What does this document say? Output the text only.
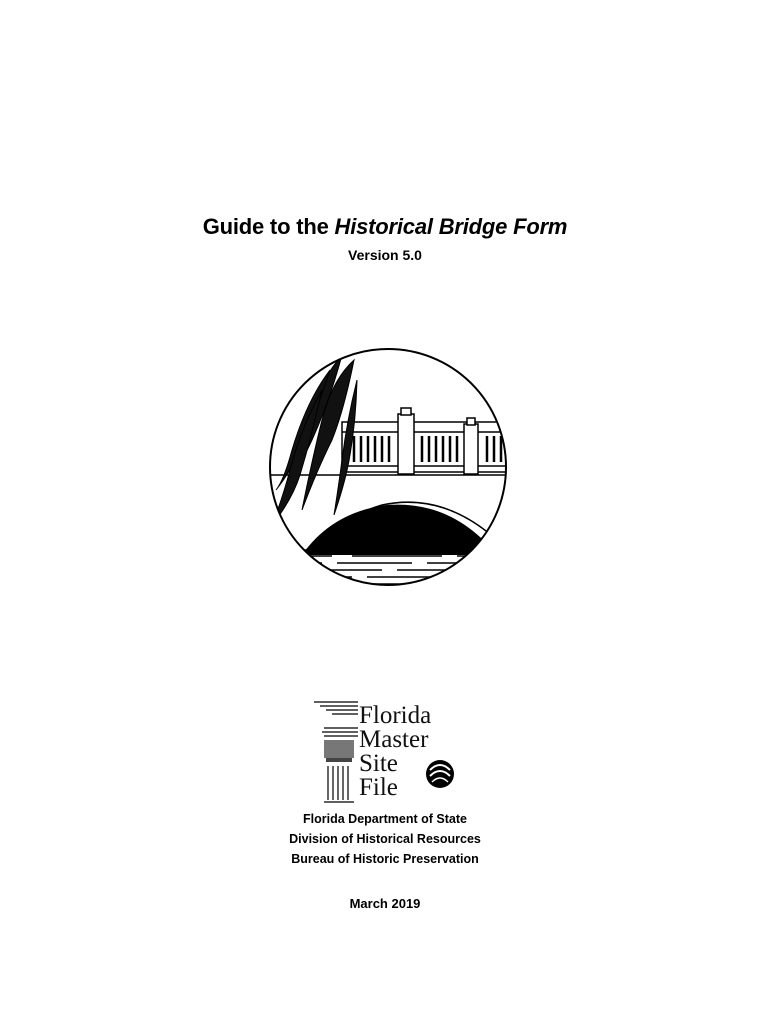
Guide to the Historical Bridge Form
Version 5.0
Florida
Master
Site
File
Florida Department of State
Division of Historical Resources
Bureau of Historic Preservation
March 2019
